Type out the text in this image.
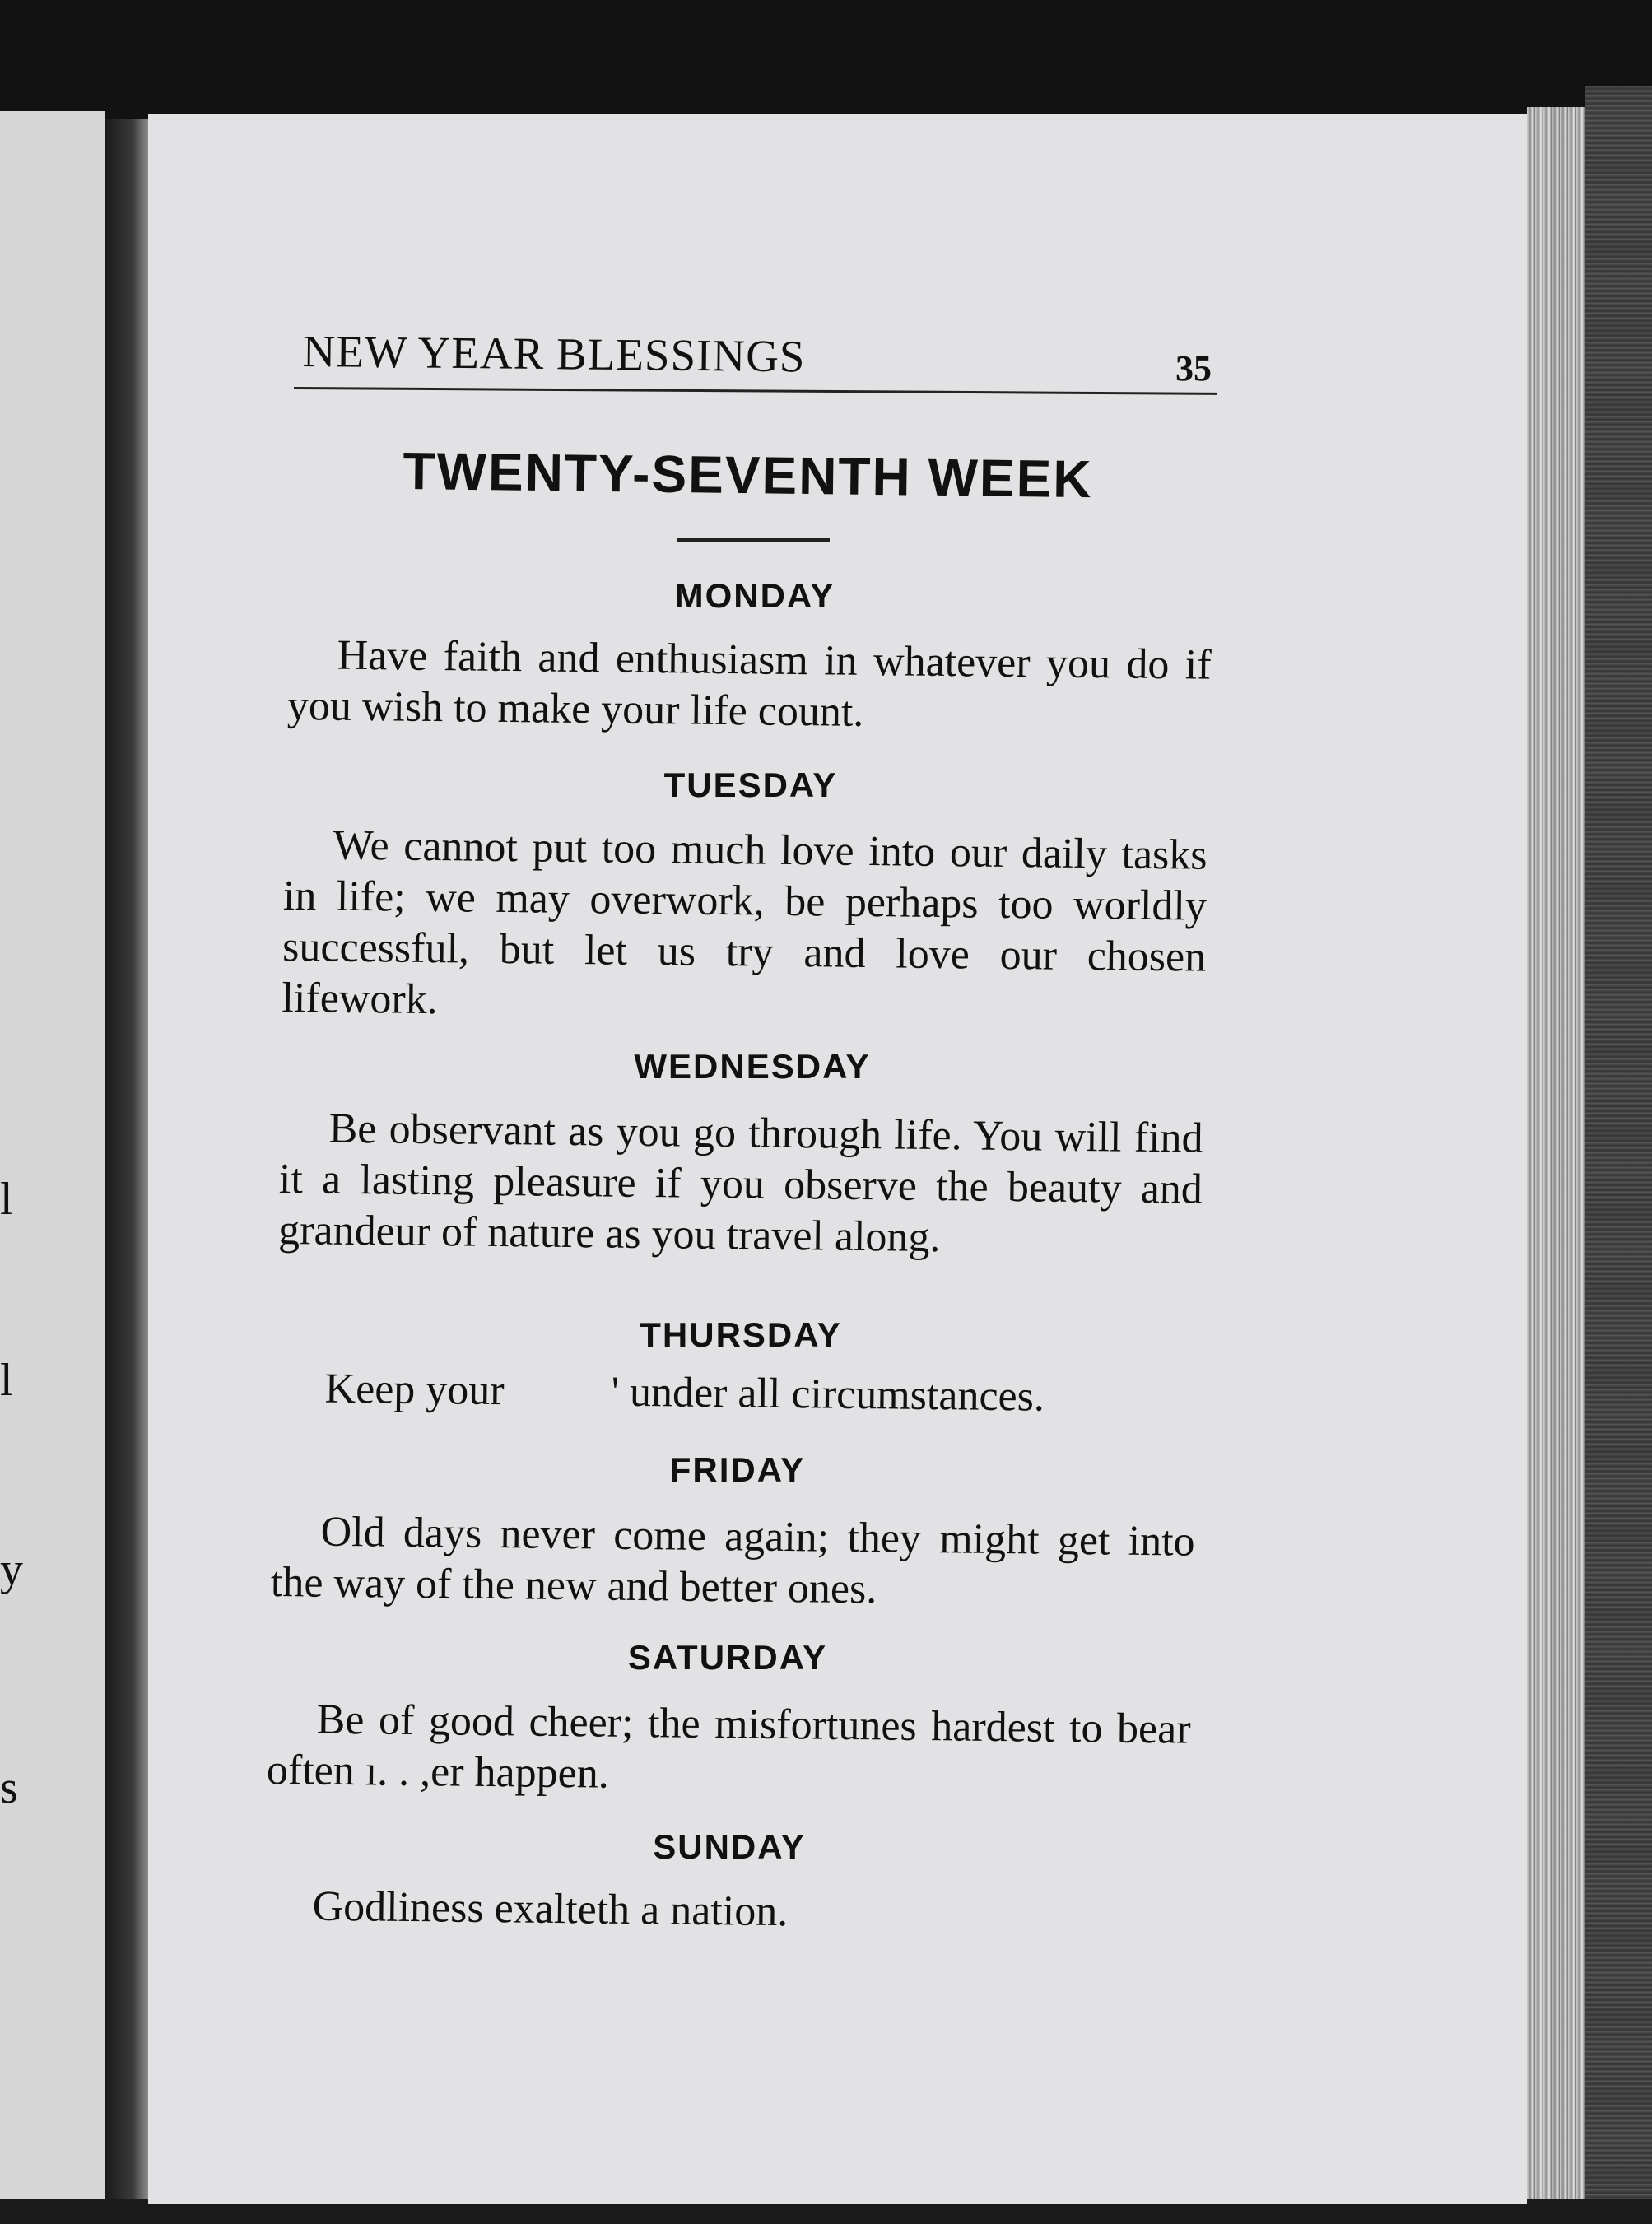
l
l
y
s
NEW YEAR BLESSINGS	35
TWENTY-SEVENTH WEEK
MONDAY
Have faith and enthusiasm in whatever you do if you wish to make your life count.
TUESDAY
We cannot put too much love into our daily tasks in life; we may overwork, be perhaps too worldly successful, but let us try and love our chosen lifework.
WEDNESDAY
Be observant as you go through life. You will find it a lasting pleasure if you observe the beauty and grandeur of nature as you travel along.
THURSDAY
Keep your          ' under all circumstances.
FRIDAY
Old days never come again; they might get into the way of the new and better ones.
SATURDAY
Be of good cheer; the misfortunes hardest to bear often ı. . ,er happen.
SUNDAY
Godliness exalteth a nation.
